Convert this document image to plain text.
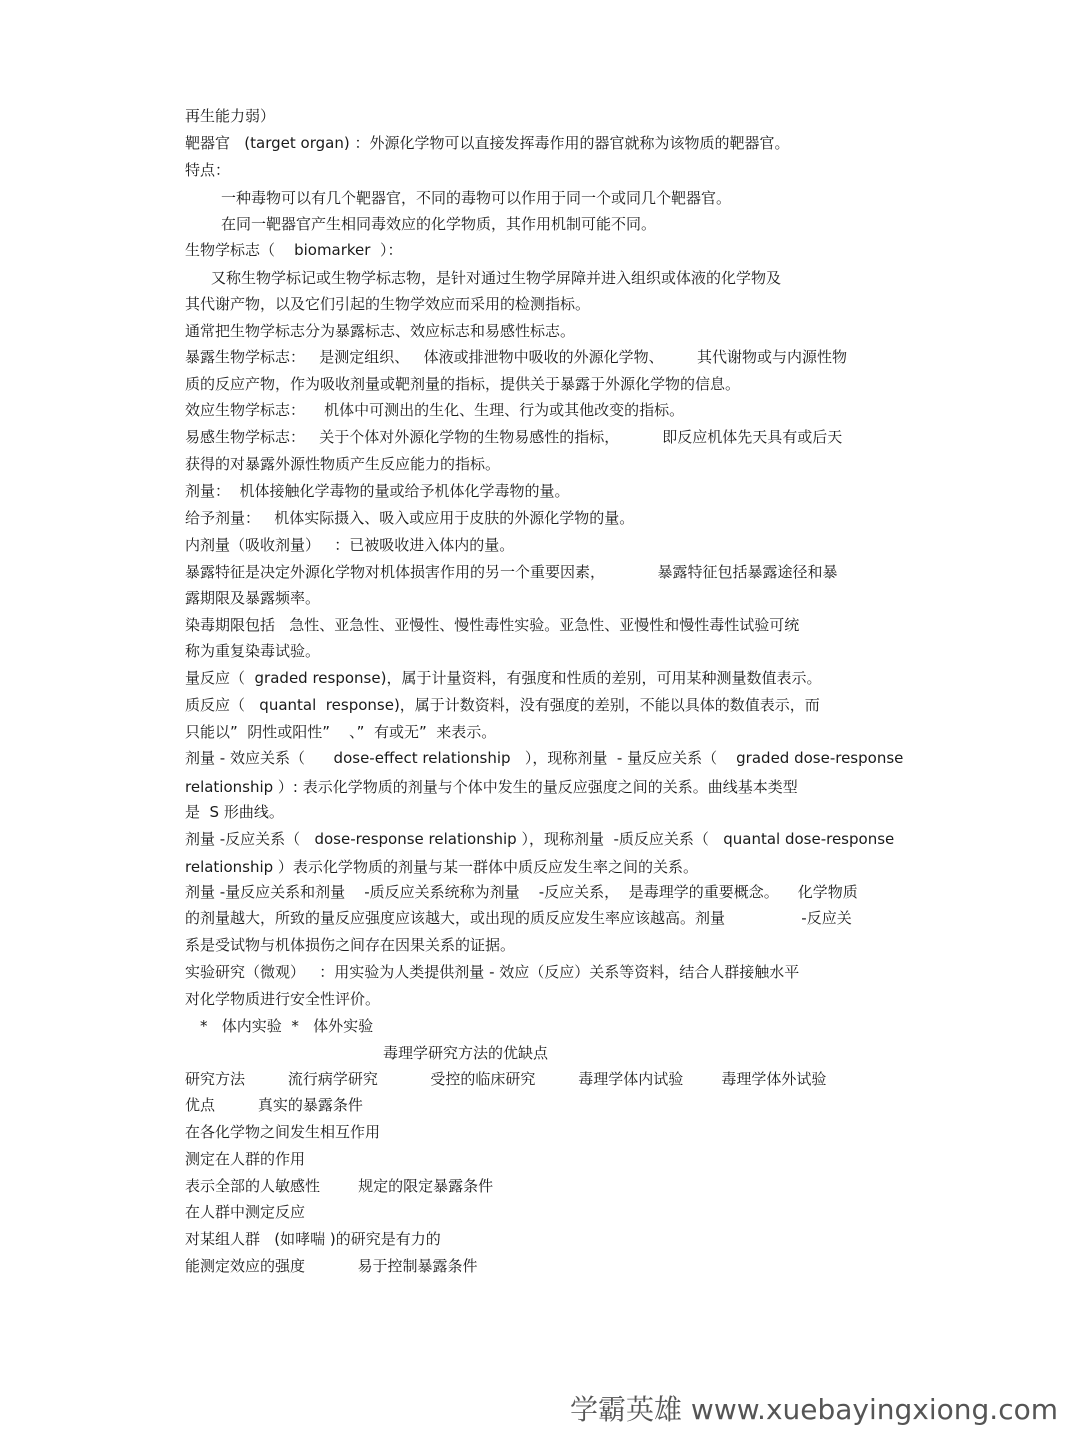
再生能力弱）

靶器官   (target organ) ：外源化学物可以直接发挥毒作用的器官就称为该物质的靶器官。

特点：

一种毒物可以有几个靶器官，不同的毒物可以作用于同一个或同几个靶器官。

在同一靶器官产生相同毒效应的化学物质，其作用机制可能不同。

生物学标志（    biomarker  ）：

又称生物学标记或生物学标志物，是针对通过生物学屏障并进入组织或体液的化学物及

其代谢产物，以及它们引起的生物学效应而采用的检测指标。

通常把生物学标志分为暴露标志、效应标志和易感性标志。

暴露生物学标志：   是测定组织、   体液或排泄物中吸收的外源化学物、       其代谢物或与内源性物

质的反应产物，作为吸收剂量或靶剂量的指标，提供关于暴露于外源化学物的信息。

效应生物学标志：    机体中可测出的生化、生理、行为或其他改变的指标。

易感生物学标志：   关于个体对外源化学物的生物易感性的指标，         即反应机体先天具有或后天

获得的对暴露外源性物质产生反应能力的指标。

剂量：  机体接触化学毒物的量或给予机体化学毒物的量。

给予剂量：   机体实际摄入、吸入或应用于皮肤的外源化学物的量。

内剂量（吸收剂量）   ：已被吸收进入体内的量。

暴露特征是决定外源化学物对机体损害作用的另一个重要因素，           暴露特征包括暴露途径和暴

露期限及暴露频率。

染毒期限包括   急性、亚急性、亚慢性、慢性毒性实验。亚急性、亚慢性和慢性毒性试验可统

称为重复染毒试验。

量反应（  graded response)，属于计量资料，有强度和性质的差别，可用某种测量数值表示。

质反应（   quantal  response)，属于计数资料，没有强度的差别，不能以具体的数值表示，而

只能以”  阴性或阳性”    、”  有或无”  来表示。

剂量 - 效应关系（      dose-effect relationship   ），现称剂量  - 量反应关系（    graded dose-response

relationship ）: 表示化学物质的剂量与个体中发生的量反应强度之间的关系。曲线基本类型

是  S 形曲线。

剂量 -反应关系（   dose-response relationship ），现称剂量  -质反应关系（   quantal dose-response

relationship ）表示化学物质的剂量与某一群体中质反应发生率之间的关系。

剂量 -量反应关系和剂量    -质反应关系统称为剂量    -反应关系，  是毒理学的重要概念。    化学物质

的剂量越大，所致的量反应强度应该越大，或出现的质反应发生率应该越高。剂量                -反应关

系是受试物与机体损伤之间存在因果关系的证据。

实验研究（微观）   ：用实验为人类提供剂量 - 效应（反应）关系等资料，结合人群接触水平

对化学物质进行安全性评价。

*   体内实验  *   体外实验

毒理学研究方法的优缺点

研究方法         流行病学研究           受控的临床研究         毒理学体内试验        毒理学体外试验

优点         真实的暴露条件

在各化学物之间发生相互作用

测定在人群的作用

表示全部的人敏感性        规定的限定暴露条件

在人群中测定反应

对某组人群   (如哮喘 )的研究是有力的

能测定效应的强度           易于控制暴露条件

学霸英雄 www.xuebayingxiong.com
